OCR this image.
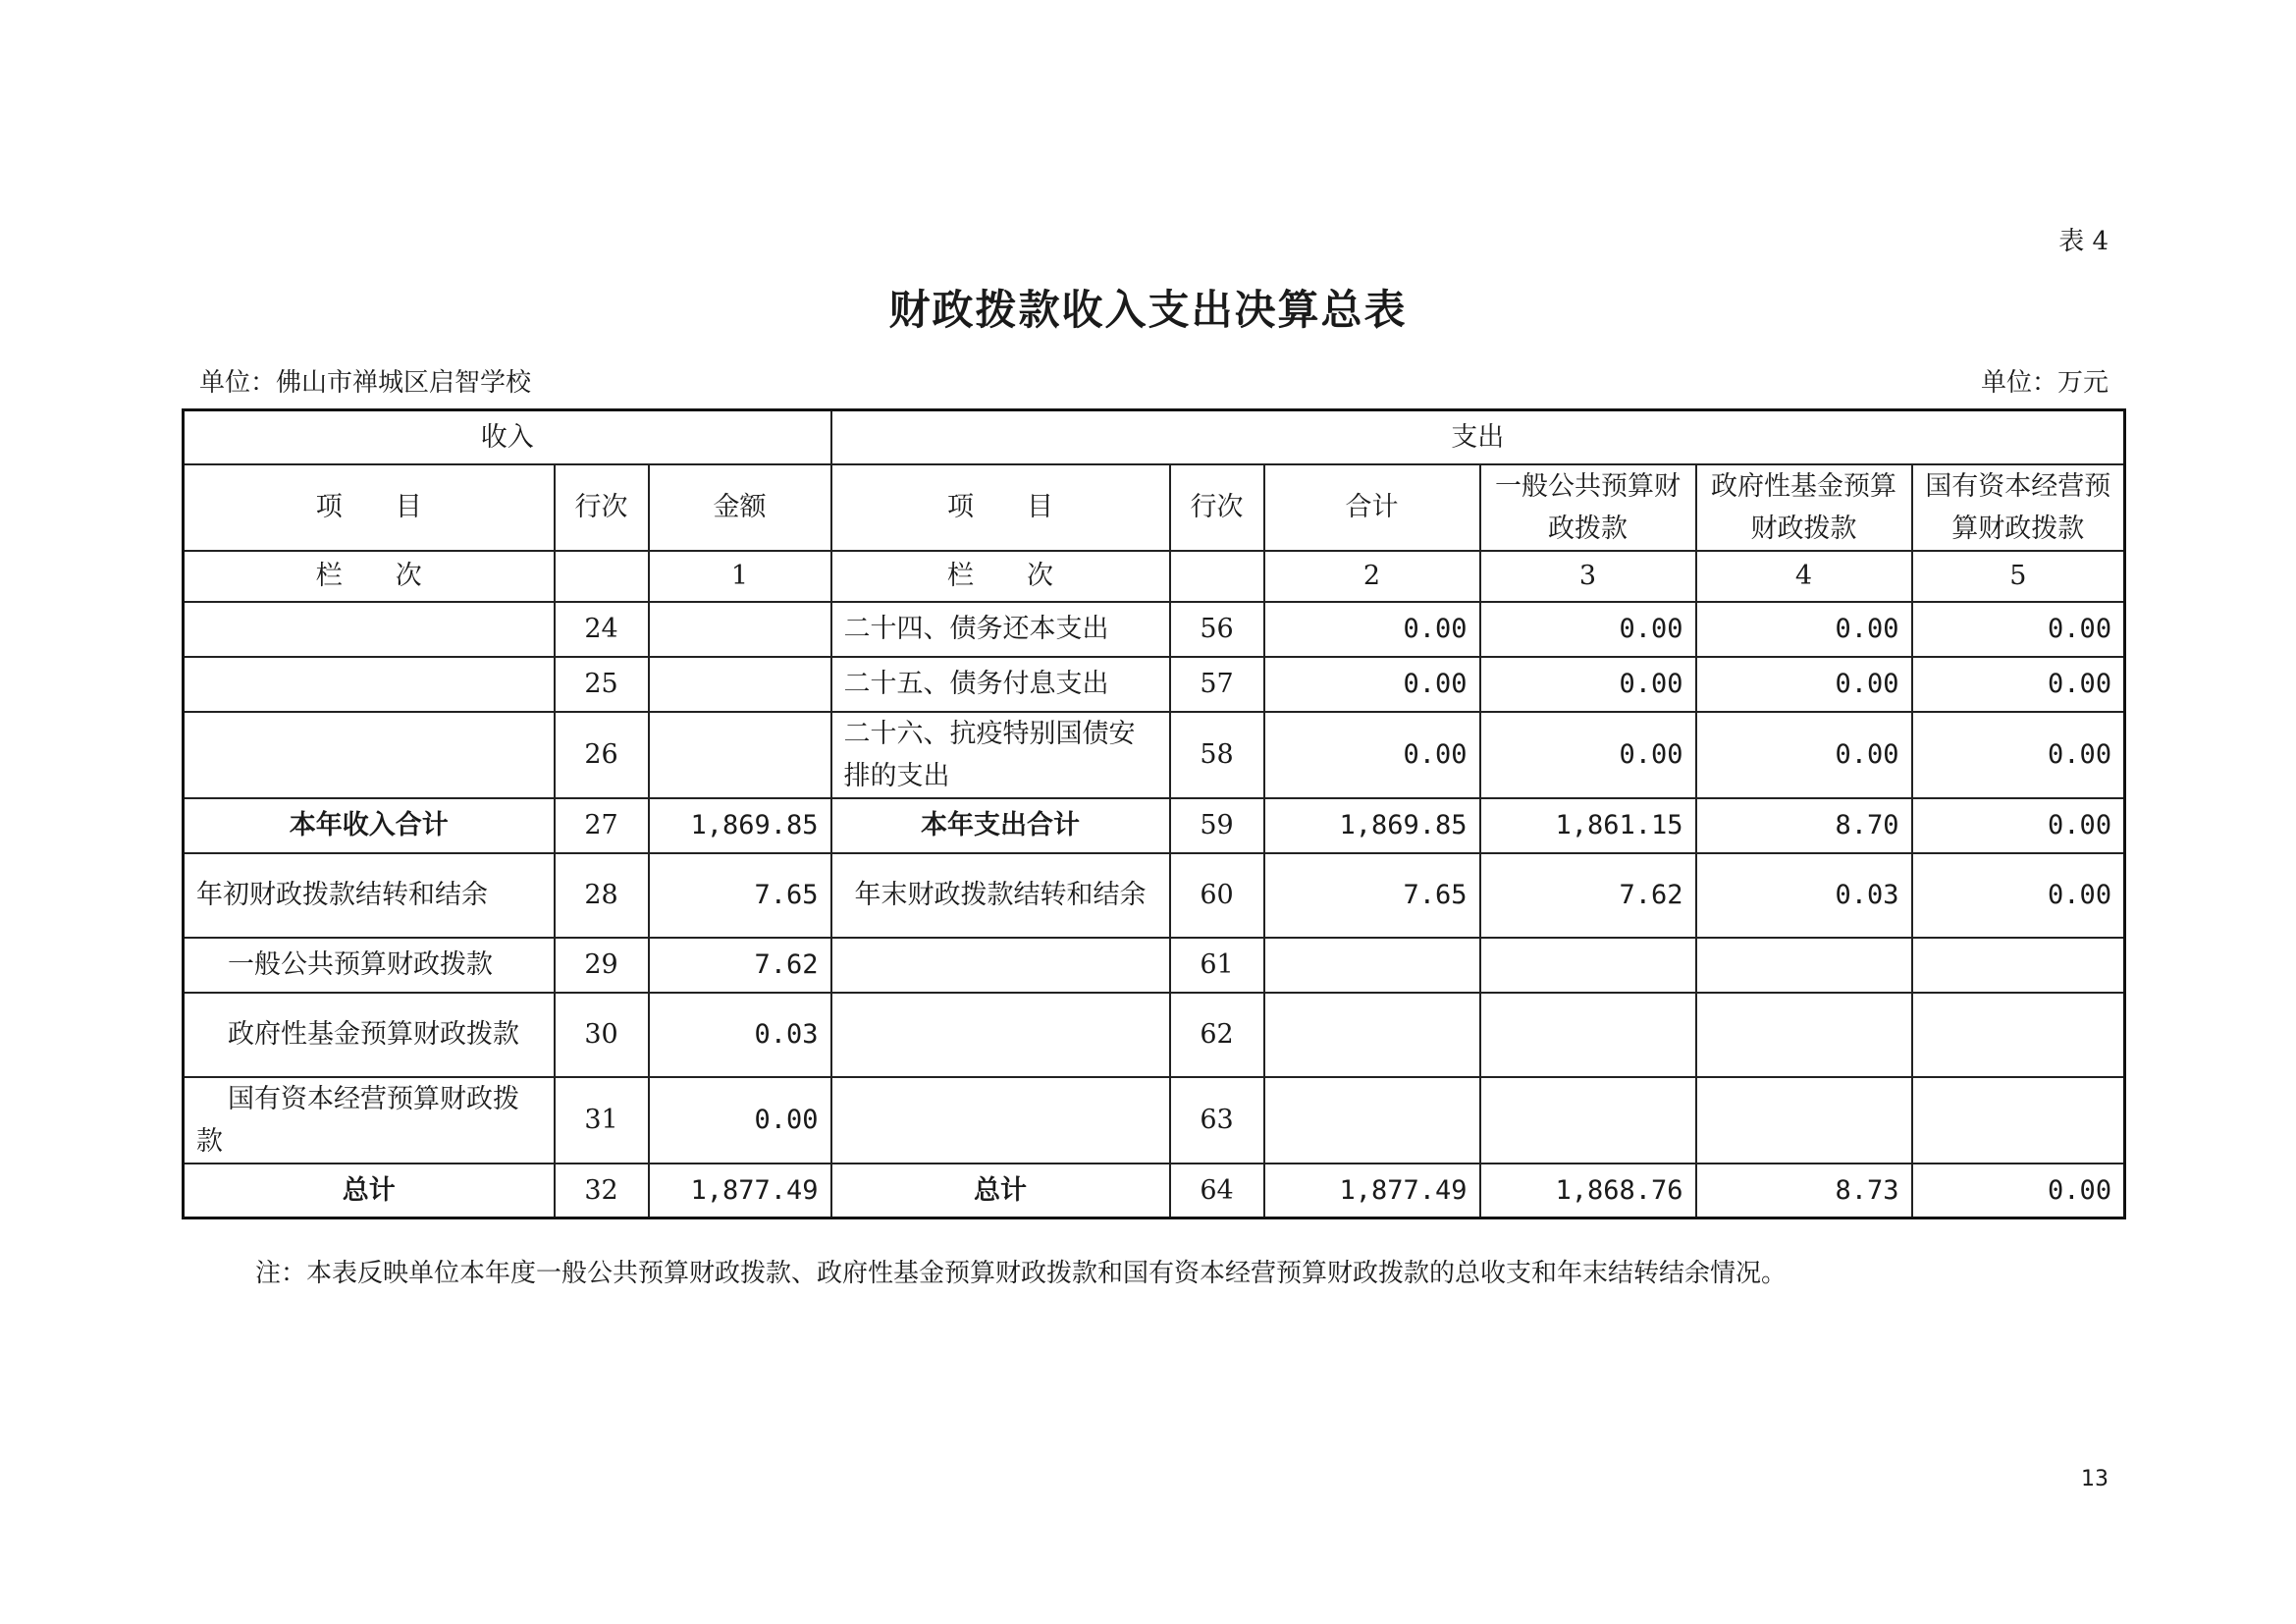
表 4
财政拨款收入支出决算总表
单位：佛山市禅城区启智学校	单位：万元
收入			支出					
项　　目	行次	金额	项　　目	行次	合计	一般公共预算财政拨款	政府性基金预算财政拨款	国有资本经营预算财政拨款
栏　　次		1	栏　　次		2	3	4	5
	24		二十四、债务还本支出	56	0.00	0.00	0.00	0.00
	25		二十五、债务付息支出	57	0.00	0.00	0.00	0.00
	26		二十六、抗疫特别国债安排的支出	58	0.00	0.00	0.00	0.00
本年收入合计	27	1,869.85	本年支出合计	59	1,869.85	1,861.15	8.70	0.00
年初财政拨款结转和结余	28	7.65	年末财政拨款结转和结余	60	7.65	7.62	0.03	0.00
一般公共预算财政拨款	29	7.62		61				
政府性基金预算财政拨款	30	0.03		62				
国有资本经营预算财政拨款	31	0.00		63				
总计	32	1,877.49	总计	64	1,877.49	1,868.76	8.73	0.00
注：本表反映单位本年度一般公共预算财政拨款、政府性基金预算财政拨款和国有资本经营预算财政拨款的总收支和年末结转结余情况。
13
